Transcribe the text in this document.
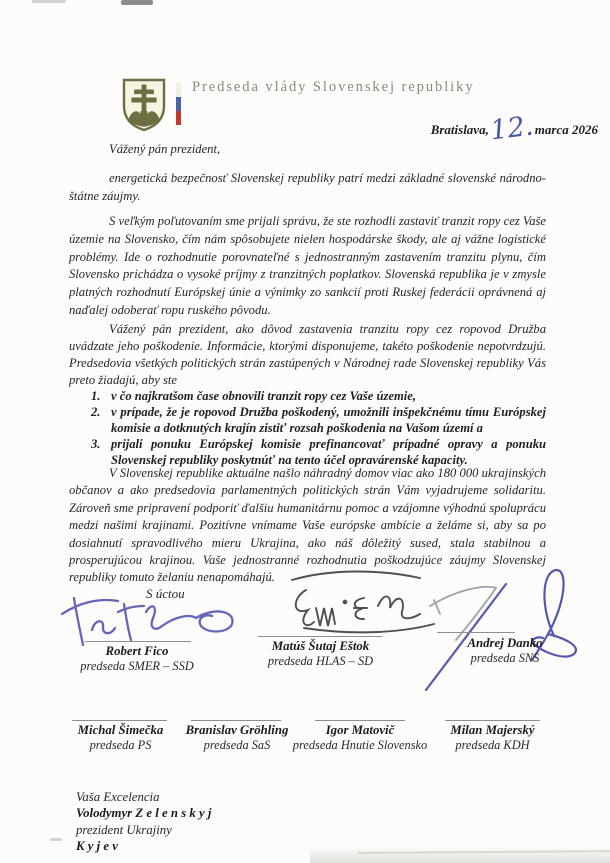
Predseda vlády Slovenskej republiky
Bratislava, 12. marca 2026

Vážený pán prezident,

energetická bezpečnosť Slovenskej republiky patrí medzi základné slovenské národno-štátne záujmy.

S veľkým poľutovaním sme prijali správu, že ste rozhodli zastaviť tranzit ropy cez Vaše územie na Slovensko, čím nám spôsobujete nielen hospodárske škody, ale aj vážne logistické problémy. Ide o rozhodnutie porovnateľné s jednostranným zastavením tranzitu plynu, čím Slovensko prichádza o vysoké príjmy z tranzitných poplatkov. Slovenská republika je v zmysle platných rozhodnutí Európskej únie a výnimky zo sankcií proti Ruskej federácii oprávnená aj naďalej odoberať ropu ruského pôvodu.

Vážený pán prezident, ako dôvod zastavenia tranzitu ropy cez ropovod Družba uvádzate jeho poškodenie. Informácie, ktorými disponujeme, takéto poškodenie nepotvrdzujú. Predsedovia všetkých politických strán zastúpených v Národnej rade Slovenskej republiky Vás preto žiadajú, aby ste

1. v čo najkratšom čase obnovili tranzit ropy cez Vaše územie,
2. v prípade, že je ropovod Družba poškodený, umožnili inšpekčnému tímu Európskej komisie a dotknutých krajín zistiť rozsah poškodenia na Vašom území a
3. prijali ponuku Európskej komisie prefinancovať prípadné opravy a ponuku Slovenskej republiky poskytnúť na tento účel opravárenské kapacity.

V Slovenskej republike aktuálne našlo náhradný domov viac ako 180 000 ukrajinských občanov a ako predsedovia parlamentných politických strán Vám vyjadrujeme solidaritu. Zároveň sme pripravení podporiť ďalšiu humanitárnu pomoc a vzájomne výhodnú spoluprácu medzi našimi krajinami. Pozitívne vnímame Vaše európske ambície a želáme si, aby sa po dosiahnutí spravodlivého mieru Ukrajina, ako náš dôležitý sused, stala stabilnou a prosperujúcou krajinou. Vaše jednostranné rozhodnutia poškodzujúce záujmy Slovenskej republiky tomuto želaniu nenapomáhajú.

S úctou

Robert Fico

predseda SMER – SSD

Matúš Šutaj Eštok

predseda HLAS – SD

Andrej Danko

predseda SNS

Michal Šimečka

predseda PS

Branislav Gröhling

predseda SaS

Igor Matovič

predseda Hnutie Slovensko

Milan Majerský

predseda KDH

Vaša Excelencia
Volodymyr Z e l e n s k y j
prezident Ukrajiny
K y j e v
